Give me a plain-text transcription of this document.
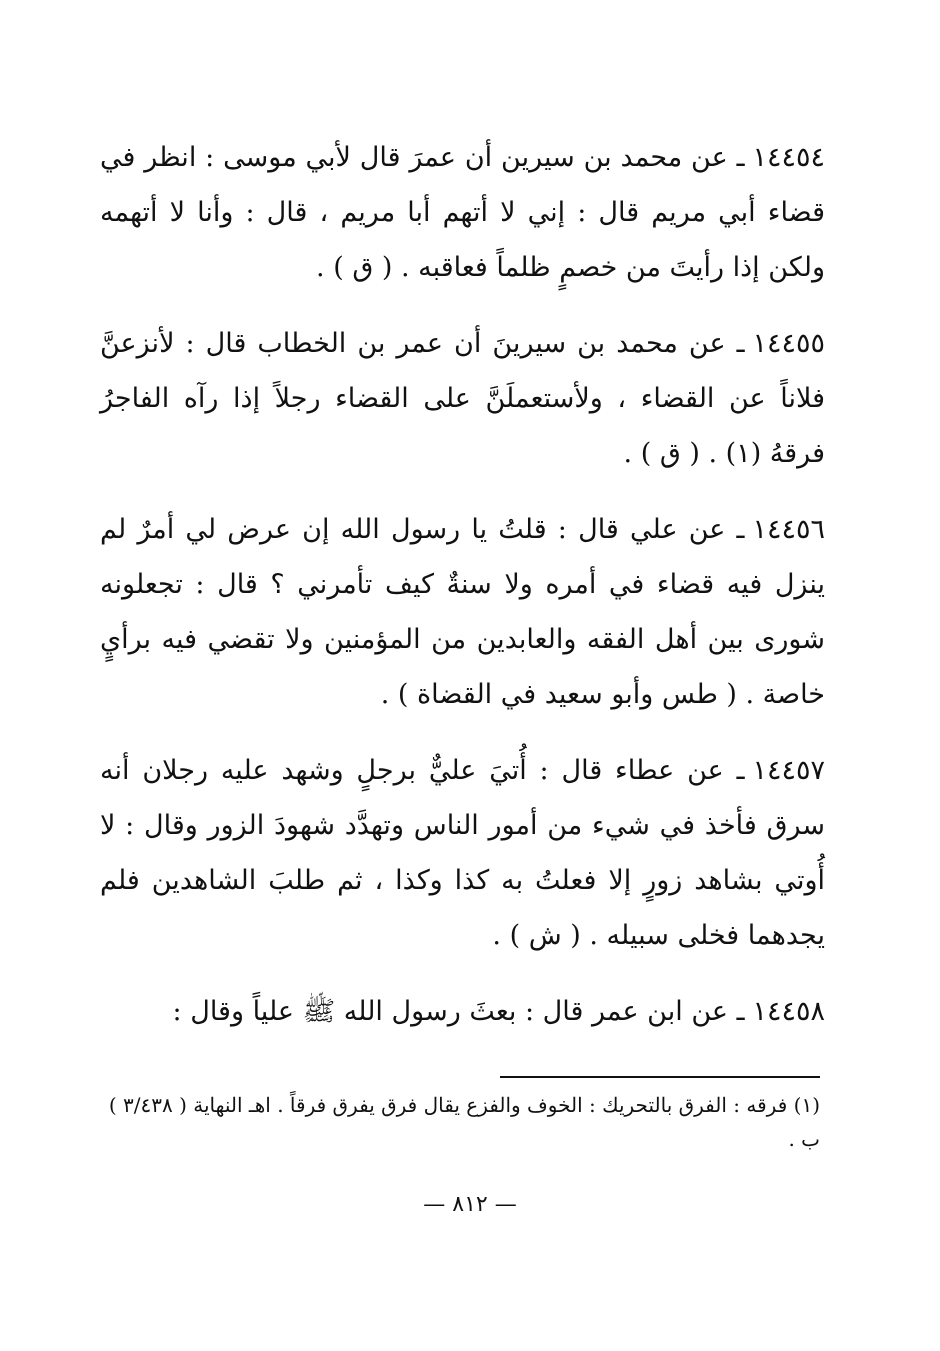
١٤٤٥٤ـ عن محمد بن سيرين أن عمرَ قال لأبي موسى : انظر في قضاء أبي مريم قال : إني لا أتهم أبا مريم ، قال : وأنا لا أتهمه ولكن إذا رأيتَ من خصمٍ ظلماً فعاقبه . ( ق ) .

١٤٤٥٥ـ عن محمد بن سيرينَ أن عمر بن الخطاب قال : لأنزعنَّ فلاناً عن القضاء ، ولأستعملَنَّ على القضاء رجلاً إذا رآه الفاجرُ فرقهُ (١) . ( ق ) .

١٤٤٥٦ـ عن علي قال : قلتُ يا رسول الله إن عرض لي أمرٌ لم ينزل فيه قضاء في أمره ولا سنةٌ كيف تأمرني ؟ قال : تجعلونه شورى بين أهل الفقه والعابدين من المؤمنين ولا تقضي فيه برأيٍ خاصة . ( طس وأبو سعيد في القضاة ) .

١٤٤٥٧ـ عن عطاء قال : أُتيَ عليٌّ برجلٍ وشهد عليه رجلان أنه سرق فأخذ في شيء من أمور الناس وتهدَّد شهودَ الزور وقال : لا أُوتي بشاهد زورٍ إلا فعلتُ به كذا وكذا ، ثم طلبَ الشاهدين فلم يجدهما فخلى سبيله . ( ش ) .

١٤٤٥٨ـ عن ابن عمر قال : بعثَ رسول الله ﷺ علياً وقال :

(١) فرقه : الفرق بالتحريك : الخوف والفزع يقال فرق يفرق فرقاً . اهـ النهاية ( ٣/٤٣٨ ) ب .
— ٨١٢ —
